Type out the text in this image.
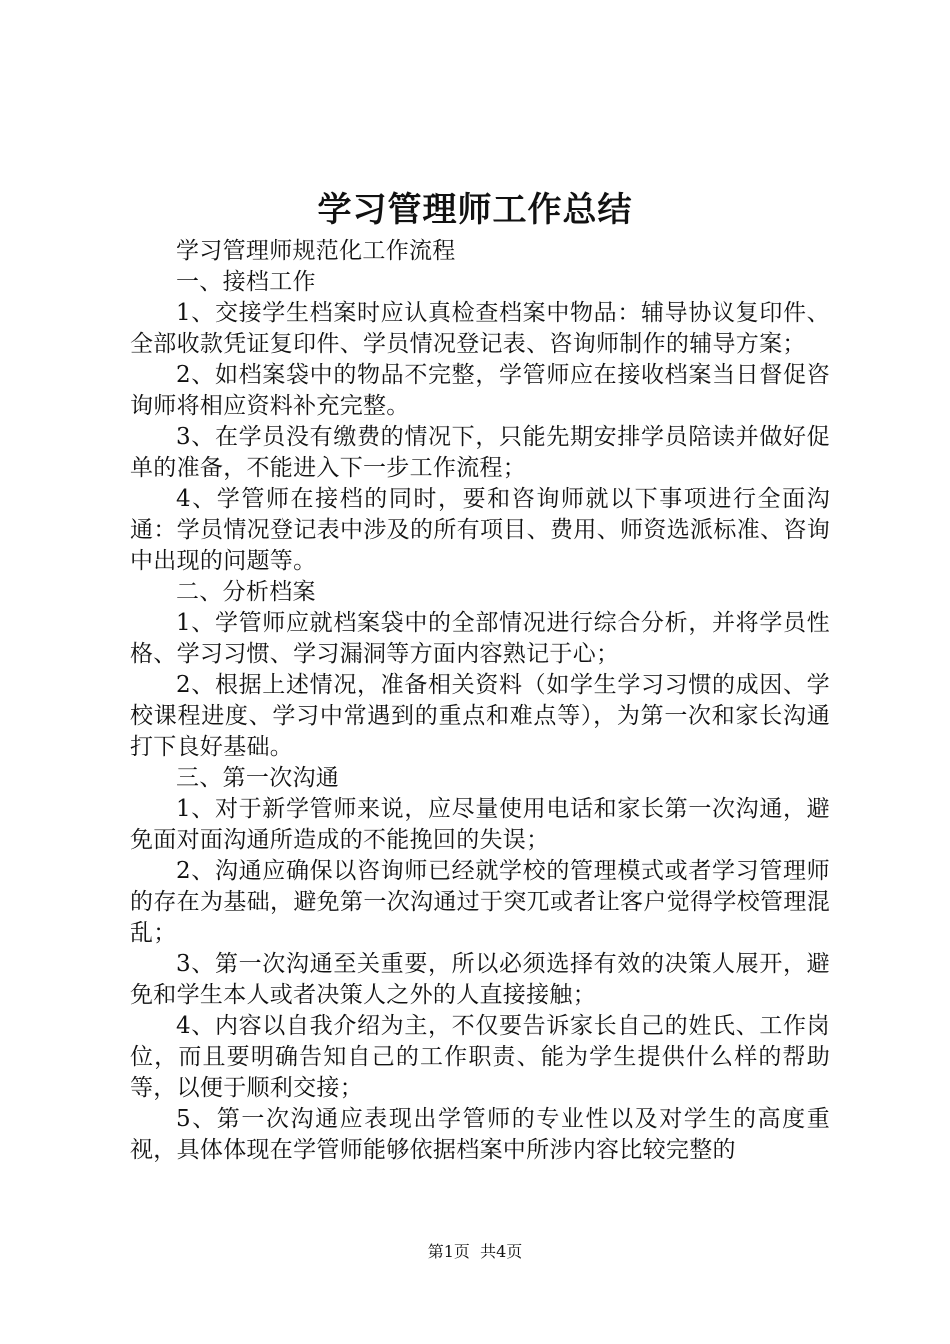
学习管理师工作总结

学习管理师规范化工作流程

一、接档工作

1、交接学生档案时应认真检查档案中物品：辅导协议复印件、全部收款凭证复印件、学员情况登记表、咨询师制作的辅导方案；

2、如档案袋中的物品不完整，学管师应在接收档案当日督促咨询师将相应资料补充完整。

3、在学员没有缴费的情况下，只能先期安排学员陪读并做好促单的准备，不能进入下一步工作流程；

4、学管师在接档的同时，要和咨询师就以下事项进行全面沟通：学员情况登记表中涉及的所有项目、费用、师资选派标准、咨询中出现的问题等。

二、分析档案

1、学管师应就档案袋中的全部情况进行综合分析，并将学员性格、学习习惯、学习漏洞等方面内容熟记于心；

2、根据上述情况，准备相关资料（如学生学习习惯的成因、学校课程进度、学习中常遇到的重点和难点等），为第一次和家长沟通打下良好基础。

三、第一次沟通

1、对于新学管师来说，应尽量使用电话和家长第一次沟通，避免面对面沟通所造成的不能挽回的失误；

2、沟通应确保以咨询师已经就学校的管理模式或者学习管理师的存在为基础，避免第一次沟通过于突兀或者让客户觉得学校管理混乱；

3、第一次沟通至关重要，所以必须选择有效的决策人展开，避免和学生本人或者决策人之外的人直接接触；

4、内容以自我介绍为主，不仅要告诉家长自己的姓氏、工作岗位，而且要明确告知自己的工作职责、能为学生提供什么样的帮助等，以便于顺利交接；

5、第一次沟通应表现出学管师的专业性以及对学生的高度重视，具体体现在学管师能够依据档案中所涉内容比较完整的

第1页 共4页
